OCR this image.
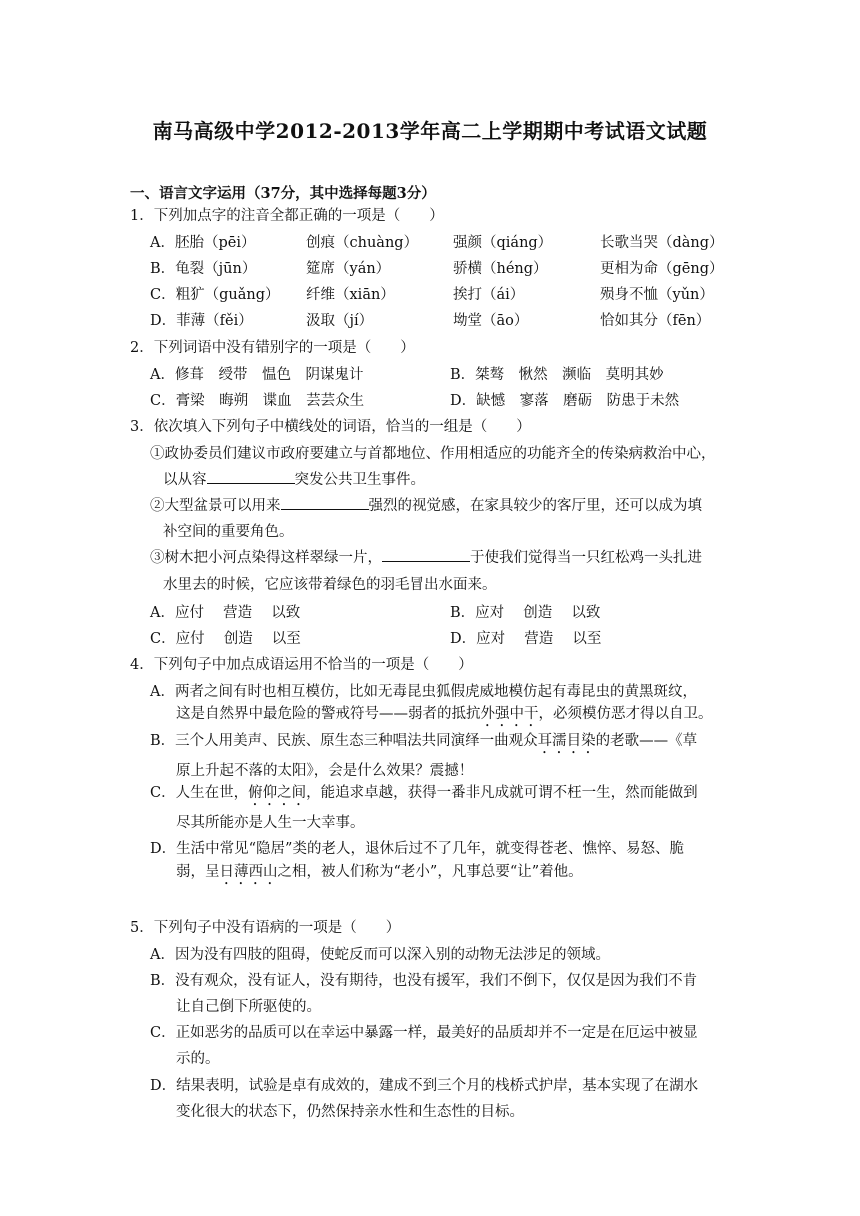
南马高级中学2012-2013学年高二上学期期中考试语文试题
一、语言文字运用（37分，其中选择每题3分）
1．下列加点字的注音全都正确的一项是（　　）
A．胚胎（pēi）	创痕（chuàng） 强颜（qiáng）	长歌当哭（dàng）
B．龟裂（jūn）	筵席（yán）	骄横（héng）	更相为命（gēng）
C．粗犷（guǎng） 纤维（xiān）	挨打（ái）	殒身不恤（yǔn）
D．菲薄（fěi）	汲取（jí）	坳堂（āo）	恰如其分（fēn）
2．下列词语中没有错别字的一项是（　　）
A．修葺　绶带　愠色　阴谋鬼计	B．桀骜　愀然　濒临　莫明其妙
C．膏梁　晦朔　谍血　芸芸众生	D．缺憾　寥落　磨砺　防患于未然
3．依次填入下列句子中横线处的词语，恰当的一组是（　　）
①政协委员们建议市政府要建立与首都地位、作用相适应的功能齐全的传染病救治中心，
以从容	突发公共卫生事件。
②大型盆景可以用来	强烈的视觉感，在家具较少的客厅里，还可以成为填
补空间的重要角色。
③树木把小河点染得这样翠绿一片，	于使我们觉得当一只红松鸡一头扎进
水里去的时候，它应该带着绿色的羽毛冒出水面来。
A．应付　 营造　 以致	B．应对　 创造　 以致
C．应付　 创造　 以至	D．应对　 营造　 以至
4．下列句子中加点成语运用不恰当的一项是（　　）
A．两者之间有时也相互模仿，比如无毒昆虫狐假虎威地模仿起有毒昆虫的黄黑斑纹，
这是自然界中最危险的警戒符号——弱者的抵抗外强中干，必须模仿恶才得以自卫。
B．三个人用美声、民族、原生态三种唱法共同演绎一曲观众耳濡目染的老歌——《草
原上升起不落的太阳》，会是什么效果？震撼！
C．人生在世，俯仰之间，能追求卓越，获得一番非凡成就可谓不枉一生，然而能做到
尽其所能亦是人生一大幸事。
D．生活中常见“隐居”类的老人，退休后过不了几年，就变得苍老、憔悴、易怒、脆
弱，呈日薄西山之相，被人们称为“老小”，凡事总要“让”着他。
5．下列句子中没有语病的一项是（　　）
A．因为没有四肢的阻碍，使蛇反而可以深入别的动物无法涉足的领域。
B．没有观众，没有证人，没有期待，也没有援军，我们不倒下，仅仅是因为我们不肯
让自己倒下所驱使的。
C．正如恶劣的品质可以在幸运中暴露一样，最美好的品质却并不一定是在厄运中被显
示的。
D．结果表明，试验是卓有成效的，建成不到三个月的栈桥式护岸，基本实现了在湖水
变化很大的状态下，仍然保持亲水性和生态性的目标。
